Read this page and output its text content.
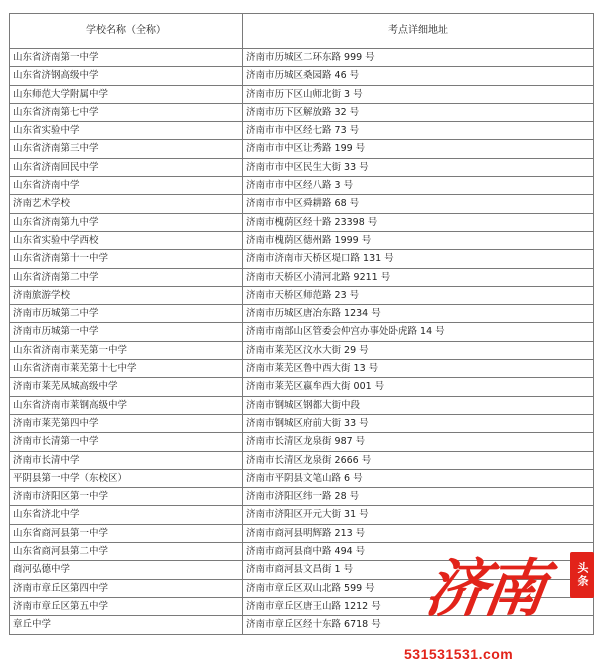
学校名称（全称）	考点详细地址
山东省济南第一中学	济南市历城区二环东路 999 号
山东省济钢高级中学	济南市历城区桑园路 46 号
山东师范大学附属中学	济南市历下区山师北街 3 号
山东省济南第七中学	济南市历下区解放路 32 号
山东省实验中学	济南市市中区经七路 73 号
山东省济南第三中学	济南市市中区让秀路 199 号
山东省济南回民中学	济南市市中区民生大街 33 号
山东省济南中学	济南市市中区经八路 3 号
济南艺术学校	济南市市中区舜耕路 68 号
山东省济南第九中学	济南市槐荫区经十路 23398 号
山东省实验中学西校	济南市槐荫区德州路 1999 号
山东省济南第十一中学	济南市济南市天桥区堤口路 131 号
山东省济南第二中学	济南市天桥区小清河北路 9211 号
济南旅游学校	济南市天桥区师范路 23 号
济南市历城第二中学	济南市历城区唐冶东路 1234 号
济南市历城第一中学	济南市南部山区管委会仲宫办事处卧虎路 14 号
山东省济南市莱芜第一中学	济南市莱芜区汶水大街 29 号
山东省济南市莱芜第十七中学	济南市莱芜区鲁中西大街 13 号
济南市莱芜凤城高级中学	济南市莱芜区嬴牟西大街 001 号
山东省济南市莱钢高级中学	济南市钢城区钢都大街中段
济南市莱芜第四中学	济南市钢城区府前大街 33 号
济南市长清第一中学	济南市长清区龙泉街 987 号
济南市长清中学	济南市长清区龙泉街 2666 号
平阴县第一中学（东校区）	济南市平阴县文笔山路 6 号
济南市济阳区第一中学	济南市济阳区纬一路 28 号
山东省济北中学	济南市济阳区开元大街 31 号
山东省商河县第一中学	济南市商河县明辉路 213 号
山东省商河县第二中学	济南市商河县商中路 494 号
商河弘德中学	济南市商河县文昌街 1 号
济南市章丘区第四中学	济南市章丘区双山北路 599 号
济南市章丘区第五中学	济南市章丘区唐王山路 1212 号
章丘中学	济南市章丘区经十东路 6718 号 济南	头条
531531531.com
